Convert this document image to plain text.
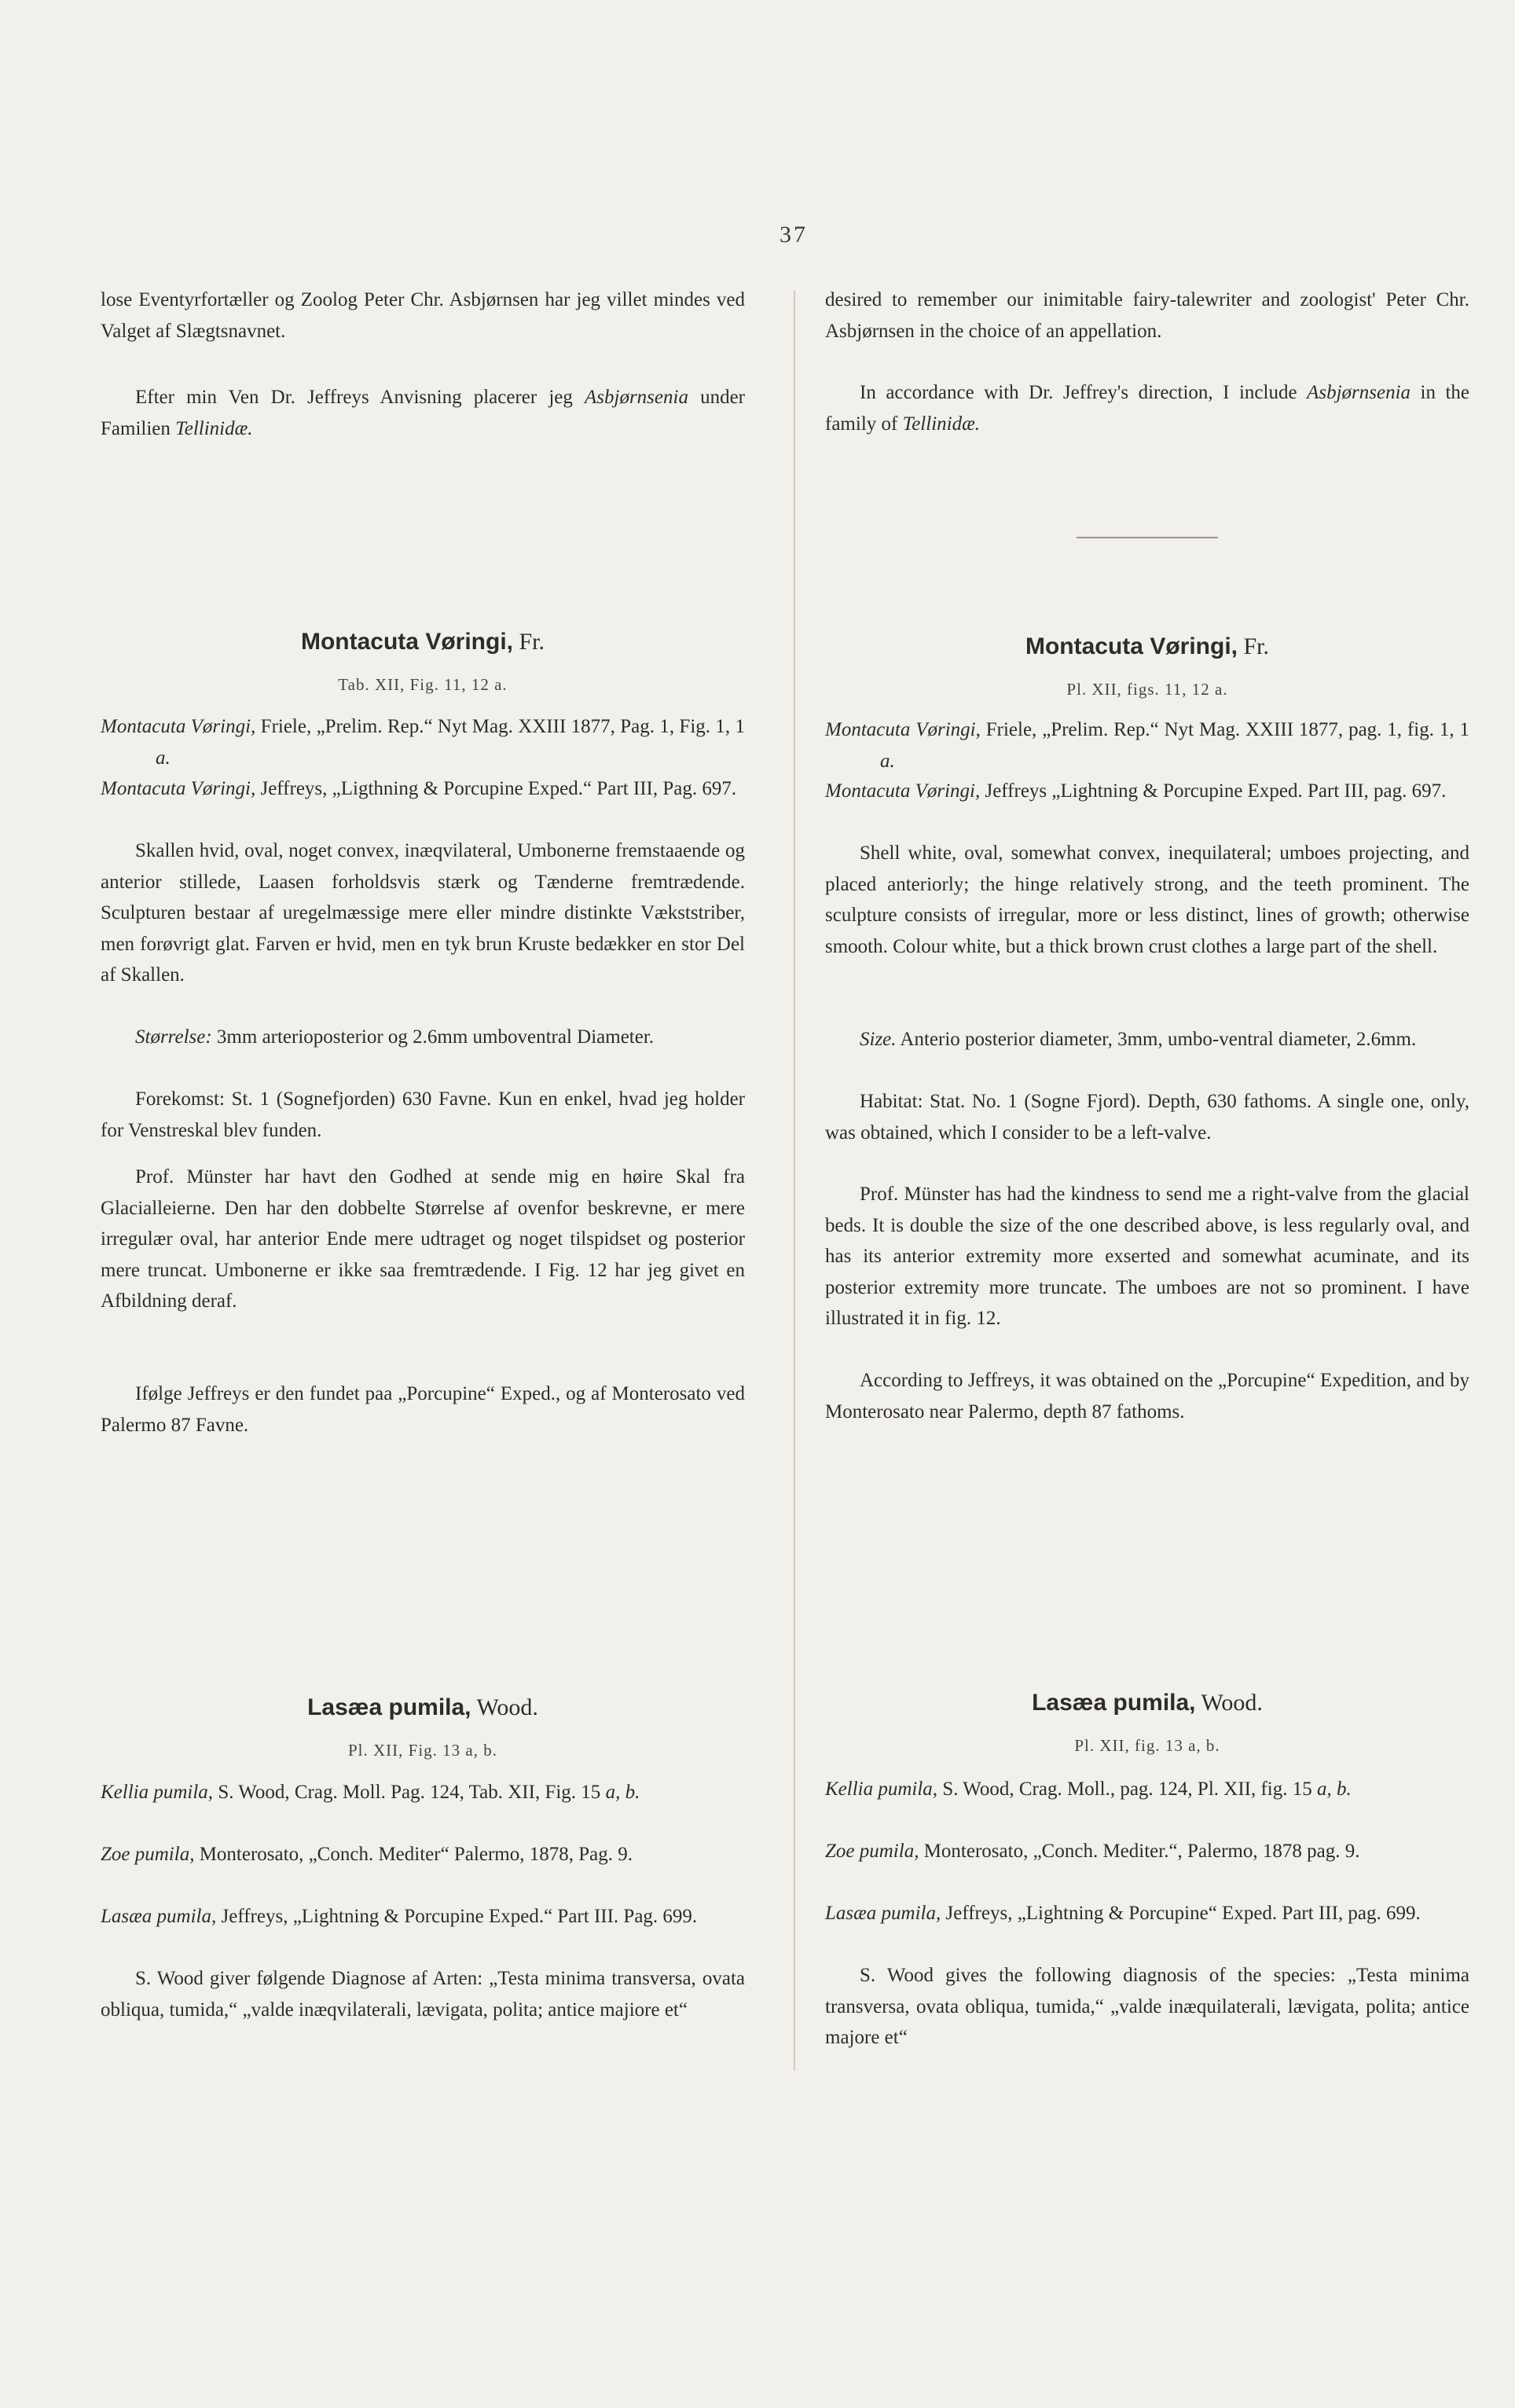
37

lose Eventyrfortæller og Zoolog Peter Chr. Asbjørnsen har jeg villet mindes ved Valget af Slægtsnavnet.

Efter min Ven Dr. Jeffreys Anvisning placerer jeg Asbjørnsenia under Familien Tellinidæ.

Montacuta Vøringi, Fr.
Tab. XII, Fig. 11, 12 a.

Montacuta Vøringi, Friele, „Prelim. Rep.“ Nyt Mag. XXIII 1877, Pag. 1, Fig. 1, 1 a.

Montacuta Vøringi, Jeffreys, „Ligthning & Porcupine Exped.“ Part III, Pag. 697.

Skallen hvid, oval, noget convex, inæqvilateral, Umbonerne fremstaaende og anterior stillede, Laasen forholdsvis stærk og Tænderne fremtrædende. Sculpturen bestaar af uregelmæssige mere eller mindre distinkte Vækststriber, men forøvrigt glat. Farven er hvid, men en tyk brun Kruste bedækker en stor Del af Skallen.

Størrelse: 3mm arterioposterior og 2.6mm umboventral Diameter.

Forekomst: St. 1 (Sognefjorden) 630 Favne. Kun en enkel, hvad jeg holder for Venstreskal blev funden.

Prof. Münster har havt den Godhed at sende mig en høire Skal fra Glacialleierne. Den har den dobbelte Størrelse af ovenfor beskrevne, er mere irregulær oval, har anterior Ende mere udtraget og noget tilspidset og posterior mere truncat. Umbonerne er ikke saa fremtrædende. I Fig. 12 har jeg givet en Afbildning deraf.

Ifølge Jeffreys er den fundet paa „Porcupine“ Exped., og af Monterosato ved Palermo 87 Favne.

Lasæa pumila, Wood.
Pl. XII, Fig. 13 a, b.

Kellia pumila, S. Wood, Crag. Moll. Pag. 124, Tab. XII, Fig. 15 a, b.

Zoe pumila, Monterosato, „Conch. Mediter“ Palermo, 1878, Pag. 9.

Lasæa pumila, Jeffreys, „Lightning & Porcupine Exped.“ Part III. Pag. 699.

S. Wood giver følgende Diagnose af Arten: „Testa minima transversa, ovata obliqua, tumida,“ „valde inæqvilaterali, lævigata, polita; antice majiore et“

desired to remember our inimitable fairy-talewriter and zoologist' Peter Chr. Asbjørnsen in the choice of an appellation.

In accordance with Dr. Jeffrey's direction, I include Asbjørnsenia in the family of Tellinidæ.

Montacuta Vøringi, Fr.
Pl. XII, figs. 11, 12 a.

Montacuta Vøringi, Friele, „Prelim. Rep.“ Nyt Mag. XXIII 1877, pag. 1, fig. 1, 1 a.

Montacuta Vøringi, Jeffreys „Lightning & Porcupine Exped. Part III, pag. 697.

Shell white, oval, somewhat convex, inequilateral; umboes projecting, and placed anteriorly; the hinge relatively strong, and the teeth prominent. The sculpture consists of irregular, more or less distinct, lines of growth; otherwise smooth. Colour white, but a thick brown crust clothes a large part of the shell.

Size. Anterio posterior diameter, 3mm, umbo-ventral diameter, 2.6mm.

Habitat: Stat. No. 1 (Sogne Fjord). Depth, 630 fathoms. A single one, only, was obtained, which I consider to be a left-valve.

Prof. Münster has had the kindness to send me a right-valve from the glacial beds. It is double the size of the one described above, is less regularly oval, and has its anterior extremity more exserted and somewhat acuminate, and its posterior extremity more truncate. The umboes are not so prominent. I have illustrated it in fig. 12.

According to Jeffreys, it was obtained on the „Porcupine“ Expedition, and by Monterosato near Palermo, depth 87 fathoms.

Lasæa pumila, Wood.
Pl. XII, fig. 13 a, b.

Kellia pumila, S. Wood, Crag. Moll., pag. 124, Pl. XII, fig. 15 a, b.

Zoe pumila, Monterosato, „Conch. Mediter.“, Palermo, 1878 pag. 9.

Lasæa pumila, Jeffreys, „Lightning & Porcupine“ Exped. Part III, pag. 699.

S. Wood gives the following diagnosis of the species: „Testa minima transversa, ovata obliqua, tumida,“ „valde inæquilaterali, lævigata, polita; antice majore et“
